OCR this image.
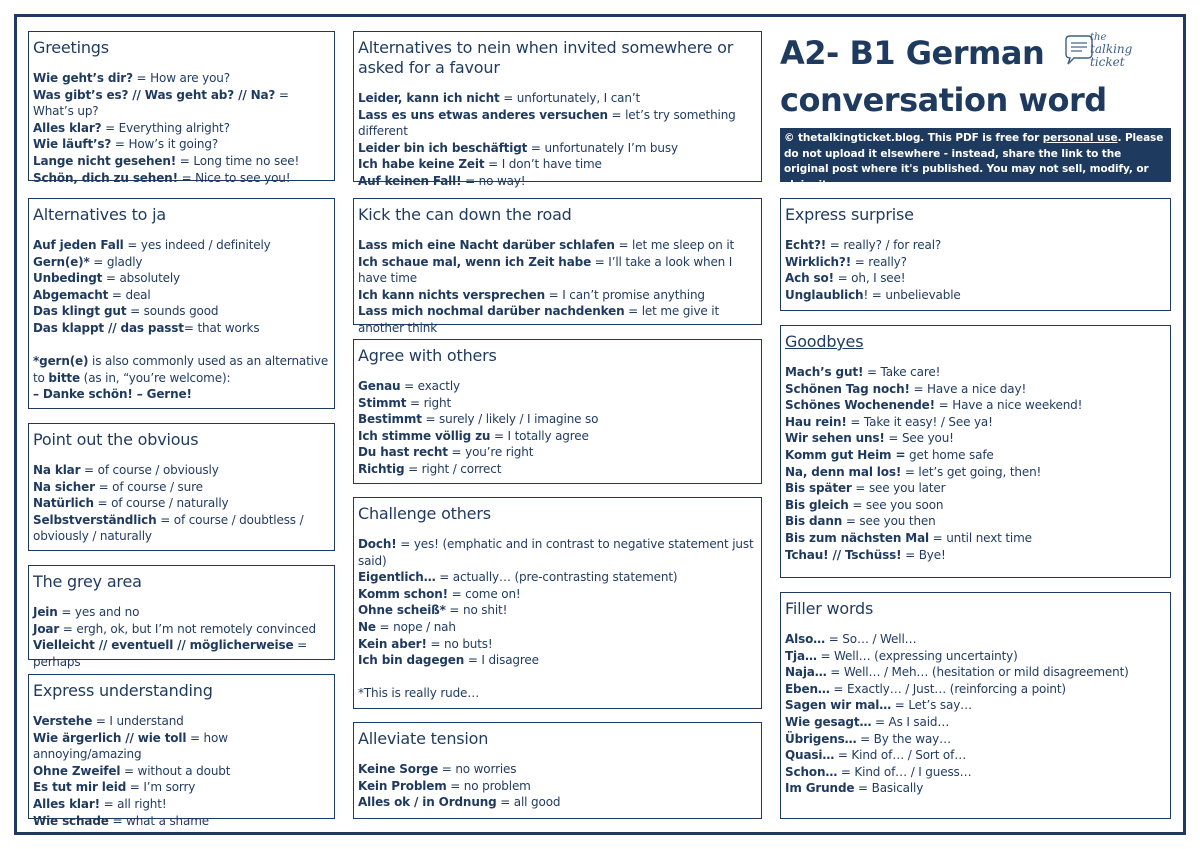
Greetings
Wie geht’s dir? = How are you?
Was gibt’s es? // Was geht ab? // Na? = What’s up?
Alles klar? = Everything alright?
Wie läuft’s? = How’s it going?
Lange nicht gesehen! = Long time no see!
Schön, dich zu sehen! = Nice to see you!
Alternatives to ja
Auf jeden Fall = yes indeed / definitely
Gern(e)* = gladly
Unbedingt = absolutely
Abgemacht = deal
Das klingt gut = sounds good
Das klappt // das passt= that works
*gern(e) is also commonly used as an alternative to bitte (as in, “you’re welcome):
– Danke schön! – Gerne!
Point out the obvious
Na klar = of course / obviously
Na sicher = of course / sure
Natürlich = of course / naturally
Selbstverständlich = of course / doubtless / obviously / naturally
The grey area
Jein = yes and no
Joar = ergh, ok, but I’m not remotely convinced
Vielleicht // eventuell // möglicherweise = perhaps
Express understanding
Verstehe = I understand
Wie ärgerlich // wie toll = how annoying/amazing
Ohne Zweifel = without a doubt
Es tut mir leid = I’m sorry
Alles klar! = all right!
Wie schade = what a shame
Alternatives to nein when invited somewhere or asked for a favour
Leider, kann ich nicht = unfortunately, I can’t
Lass es uns etwas anderes versuchen = let’s try something different
Leider bin ich beschäftigt = unfortunately I’m busy
Ich habe keine Zeit = I don’t have time
Auf keinen Fall! = no way!
Kick the can down the road
Lass mich eine Nacht darüber schlafen = let me sleep on it
Ich schaue mal, wenn ich Zeit habe = I’ll take a look when I have time
Ich kann nichts versprechen = I can’t promise anything
Lass mich nochmal darüber nachdenken = let me give it another think
Agree with others
Genau = exactly
Stimmt = right
Bestimmt = surely / likely / I imagine so
Ich stimme völlig zu = I totally agree
Du hast recht = you’re right
Richtig = right / correct
Challenge others
Doch! = yes! (emphatic and in contrast to negative statement just said)
Eigentlich… = actually… (pre-contrasting statement)
Komm schon! = come on!
Ohne scheiß* = no shit!
Ne = nope / nah
Kein aber! = no buts!
Ich bin dagegen = I disagree
*This is really rude…
Alleviate tension
Keine Sorge = no worries
Kein Problem = no problem
Alles ok / in Ordnung = all good
A2- B1 German
conversation word
the
talking
ticket
© thetalkingticket.blog. This PDF is free for personal use. Please do not upload it elsewhere - instead, share the link to the original post where it's published. You may not sell, modify, or claim it as your own.
Express surprise
Echt?! = really? / for real?
Wirklich?! = really?
Ach so! = oh, I see!
Unglaublich! = unbelievable
Goodbyes
Mach’s gut! = Take care!
Schönen Tag noch! = Have a nice day!
Schönes Wochenende! = Have a nice weekend!
Hau rein! = Take it easy! / See ya!
Wir sehen uns! = See you!
Komm gut Heim = get home safe
Na, denn mal los! = let’s get going, then!
Bis später = see you later
Bis gleich = see you soon
Bis dann = see you then
Bis zum nächsten Mal = until next time
Tchau! // Tschüss! = Bye!
Filler words
Also… = So… / Well…
Tja… = Well… (expressing uncertainty)
Naja… = Well… / Meh… (hesitation or mild disagreement)
Eben… = Exactly… / Just… (reinforcing a point)
Sagen wir mal… = Let’s say…
Wie gesagt… = As I said…
Übrigens… = By the way…
Quasi… = Kind of… / Sort of…
Schon… = Kind of… / I guess…
Im Grunde = Basically
